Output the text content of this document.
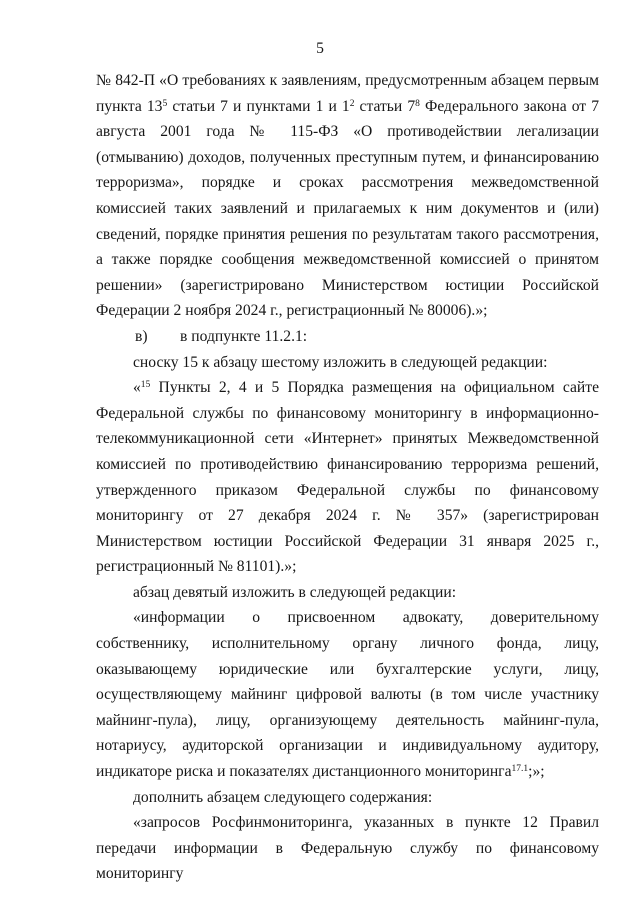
5

№ 842-П «О требованиях к заявлениям, предусмотренным абзацем первым пункта $13^5$ статьи 7 и пунктами 1 и $1^2$ статьи $7^8$ Федерального закона от 7 августа 2001 года № 115-ФЗ «О противодействии легализации (отмыванию) доходов, полученных преступным путем, и финансированию терроризма», порядке и сроках рассмотрения межведомственной комиссией таких заявлений и прилагаемых к ним документов и (или) сведений, порядке принятия решения по результатам такого рассмотрения, а также порядке сообщения межведомственной комиссией о принятом решении» (зарегистрировано Министерством юстиции Российской Федерации 2 ноября 2024 г., регистрационный № 80006).»;

в) в подпункте 11.2.1:

сноску 15 к абзацу шестому изложить в следующей редакции:

«$^{15}$ Пункты 2, 4 и 5 Порядка размещения на официальном сайте Федеральной службы по финансовому мониторингу в информационно-телекоммуникационной сети «Интернет» принятых Межведомственной комиссией по противодействию финансированию терроризма решений, утвержденного приказом Федеральной службы по финансовому мониторингу от 27 декабря 2024 г. № 357» (зарегистрирован Министерством юстиции Российской Федерации 31 января 2025 г., регистрационный № 81101).»;

абзац девятый изложить в следующей редакции:

«информации о присвоенном адвокату, доверительному собственнику, исполнительному органу личного фонда, лицу, оказывающему юридические или бухгалтерские услуги, лицу, осуществляющему майнинг цифровой валюты (в том числе участнику майнинг-пула), лицу, организующему деятельность майнинг-пула, нотариусу, аудиторской организации и индивидуальному аудитору, индикаторе риска и показателях дистанционного мониторинга$^{17.1}$;»;

дополнить абзацем следующего содержания:

«запросов Росфинмониторинга, указанных в пункте 12 Правил передачи информации в Федеральную службу по финансовому мониторингу
